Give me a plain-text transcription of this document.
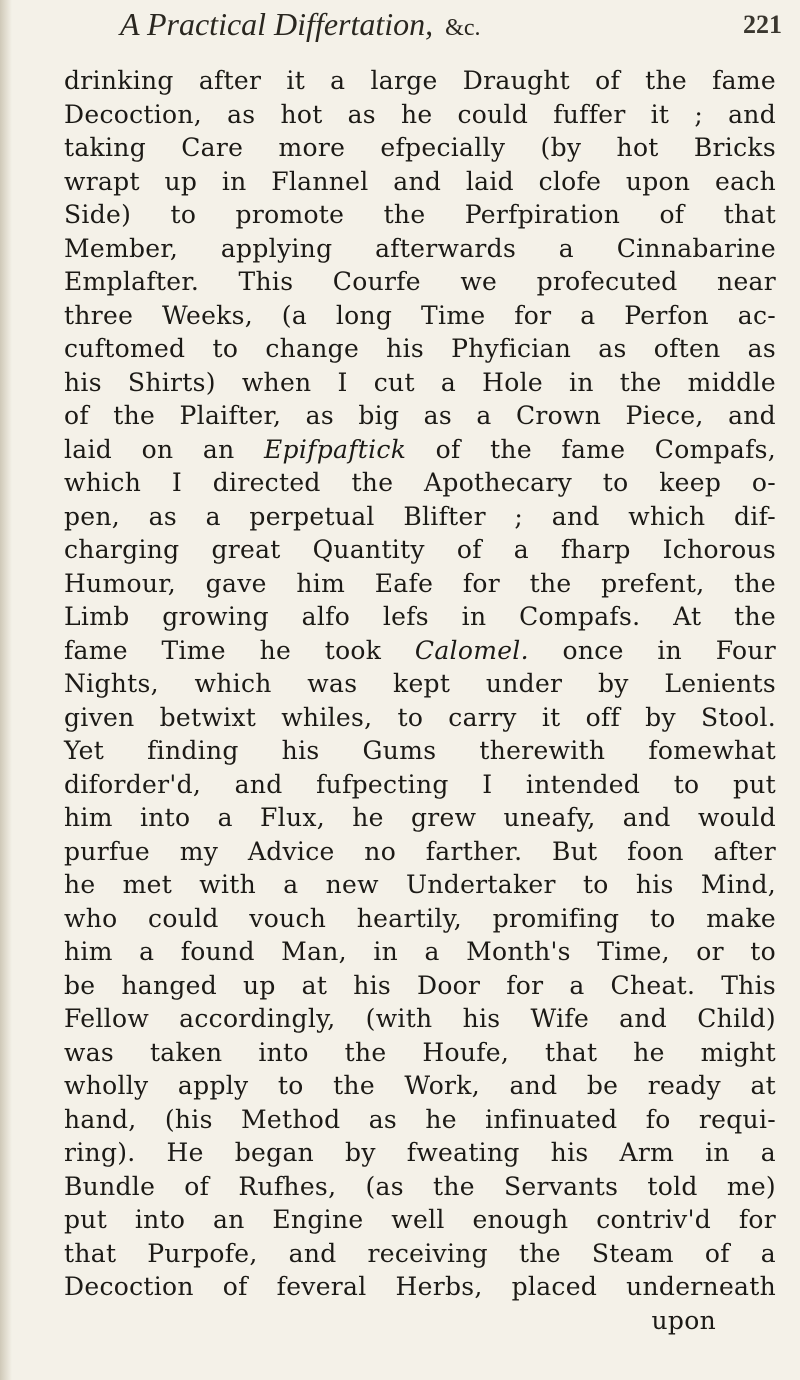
A Practical Differtation, &c.	221
drinking after it a large Draught of the fame
Decoction, as hot as he could fuffer it ; and
taking Care more efpecially (by hot Bricks
wrapt up in Flannel and laid clofe upon each
Side) to promote the Perfpiration of that
Member, applying afterwards a Cinnabarine
Emplafter. This Courfe we profecuted near
three Weeks, (a long Time for a Perfon ac-
cuftomed to change his Phyfician as often as
his Shirts) when I cut a Hole in the middle
of the Plaifter, as big as a Crown Piece, and
laid on an Epifpaftick of the fame Compafs,
which I directed the Apothecary to keep o-
pen, as a perpetual Blifter ; and which dif-
charging great Quantity of a fharp Ichorous
Humour, gave him Eafe for the prefent, the
Limb growing alfo lefs in Compafs. At the
fame Time he took Calomel. once in Four
Nights, which was kept under by Lenients
given betwixt whiles, to carry it off by Stool.
Yet finding his Gums therewith fomewhat
diforder'd, and fufpecting I intended to put
him into a Flux, he grew uneafy, and would
purfue my Advice no farther. But foon after
he met with a new Undertaker to his Mind,
who could vouch heartily, promifing to make
him a found Man, in a Month's Time, or to
be hanged up at his Door for a Cheat. This
Fellow accordingly, (with his Wife and Child)
was taken into the Houfe, that he might
wholly apply to the Work, and be ready at
hand, (his Method as he infinuated fo requi-
ring). He began by fweating his Arm in a
Bundle of Rufhes, (as the Servants told me)
put into an Engine well enough contriv'd for
that Purpofe, and receiving the Steam of a
Decoction of feveral Herbs, placed underneath
upon
